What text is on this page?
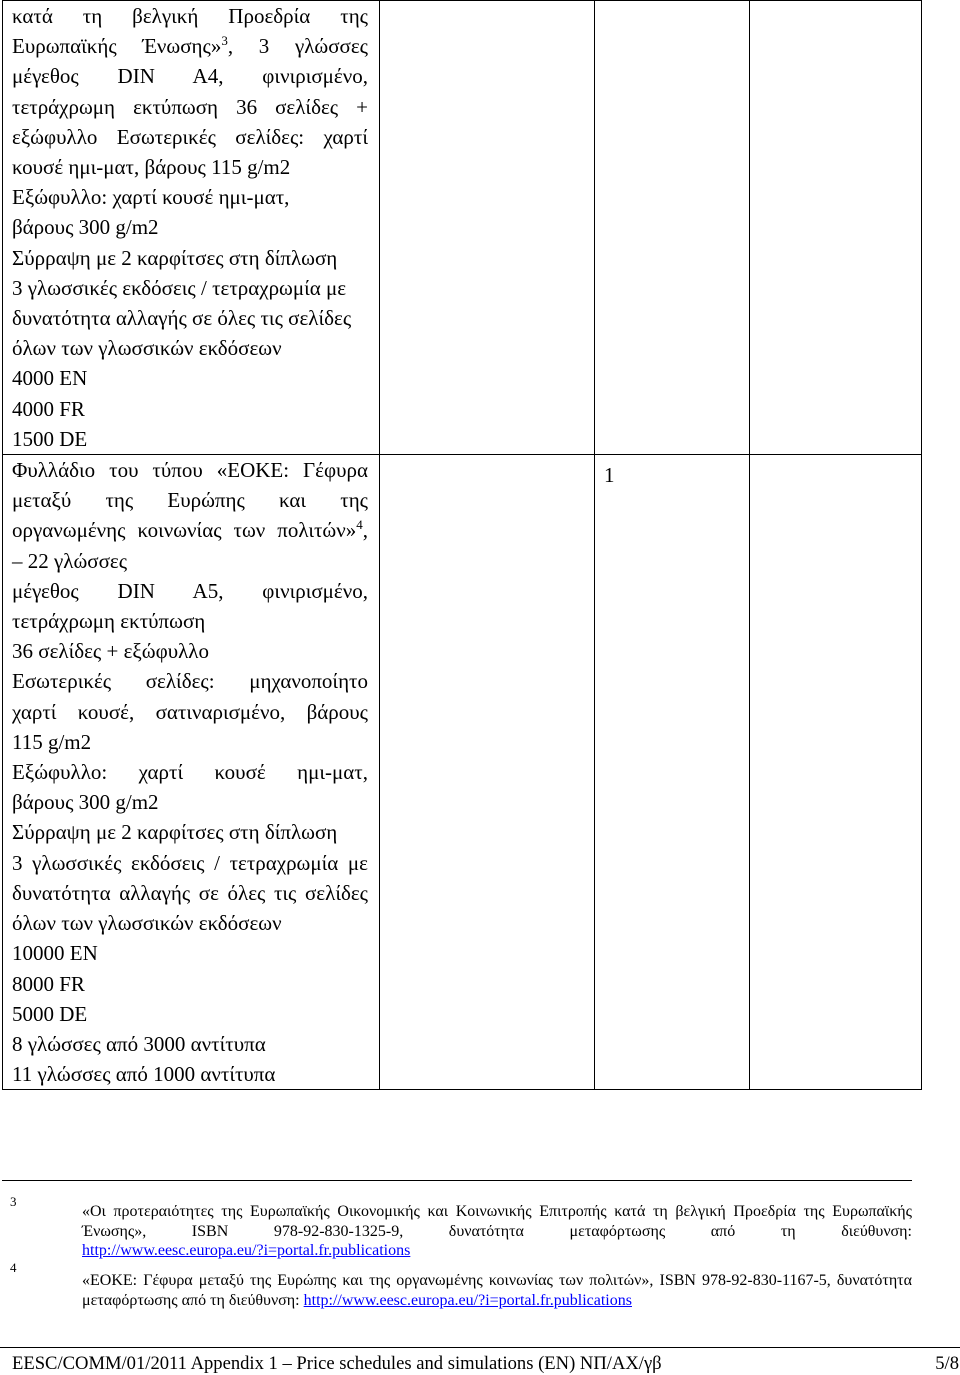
κατά τη βελγική Προεδρία της
Ευρωπαϊκής Ένωσης»$^3$, 3 γλώσσες
μέγεθος DIN A4, φινιρισμένο,
τετράχρωμη εκτύπωση 36 σελίδες +
εξώφυλλο Εσωτερικές σελίδες: χαρτί
κουσέ ημι-ματ, βάρους 115 g/m2
Εξώφυλλο: χαρτί κουσέ ημι-ματ,
βάρους 300 g/m2
Σύρραψη με 2 καρφίτσες στη δίπλωση
3 γλωσσικές εκδόσεις / τετραχρωμία με
δυνατότητα αλλαγής σε όλες τις σελίδες
όλων των γλωσσικών εκδόσεων
4000 EN
4000 FR
1500 DE
Φυλλάδιο του τύπου «ΕΟΚΕ: Γέφυρα
μεταξύ της Ευρώπης και της
οργανωμένης κοινωνίας των πολιτών»$^4$,
– 22 γλώσσες
μέγεθος DIN A5, φινιρισμένο,
τετράχρωμη εκτύπωση
36 σελίδες + εξώφυλλο
Εσωτερικές σελίδες: μηχανοποίητο
χαρτί κουσέ, σατιναρισμένο, βάρους
115 g/m2
Εξώφυλλο: χαρτί κουσέ ημι-ματ,
βάρους 300 g/m2
Σύρραψη με 2 καρφίτσες στη δίπλωση
3 γλωσσικές εκδόσεις / τετραχρωμία με
δυνατότητα αλλαγής σε όλες τις σελίδες
όλων των γλωσσικών εκδόσεων
10000 EN
8000 FR
5000 DE
8 γλώσσες από 3000 αντίτυπα
11 γλώσσες από 1000 αντίτυπα
1
3
«Οι προτεραιότητες της Ευρωπαϊκής Οικονομικής και Κοινωνικής Επιτροπής κατά τη βελγική Προεδρία της Ευρωπαϊκής
Ένωσης», ISBN 978-92-830-1325-9, δυνατότητα μεταφόρτωσης από τη διεύθυνση:
http://www.eesc.europa.eu/?i=portal.fr.publications
4
«ΕΟΚΕ: Γέφυρα μεταξύ της Ευρώπης και της οργανωμένης κοινωνίας των πολιτών», ISBN 978-92-830-1167-5, δυνατότητα
μεταφόρτωσης από τη διεύθυνση: http://www.eesc.europa.eu/?i=portal.fr.publications
EESC/COMM/01/2011 Appendix 1 – Price schedules and simulations (EN) ΝΠ/ΑΧ/γβ	5/8
